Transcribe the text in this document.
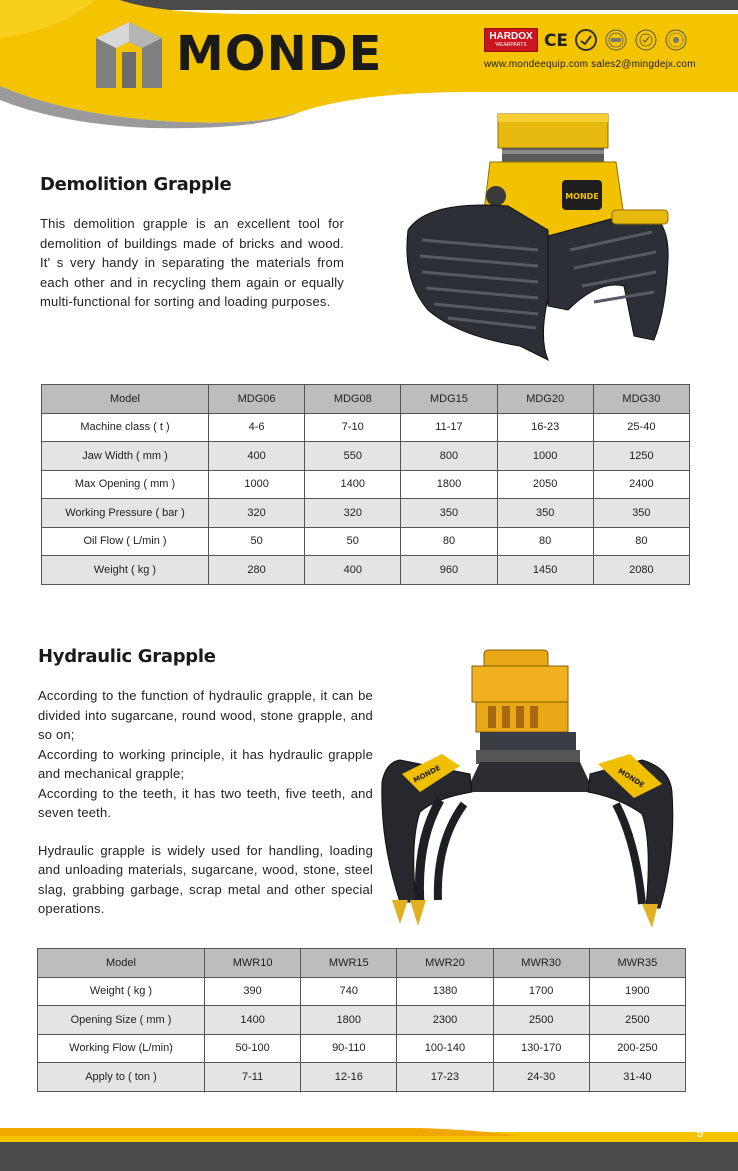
MONDE	HARDOX
WEARPARTS CE
www.mondeequip.com sales2@mingdejx.com
Demolition Grapple

This demolition grapple is an excellent tool for demolition of buildings made of bricks and wood. It' s very handy in separating the materials from each other and in recycling them again or equally multi-functional for sorting and loading purposes.

MONDE
Model	MDG06	MDG08	MDG15	MDG20	MDG30
Machine class ( t )	4-6	7-10	11-17	16-23	25-40
Jaw Width ( mm )	400	550	800	1000	1250
Max Opening ( mm )	1000	1400	1800	2050	2400
Working Pressure ( bar )	320	320	350	350	350
Oil Flow ( L/min )	50	50	80	80	80
Weight ( kg )	280	400	960	1450	2080
Hydraulic Grapple

According to the function of hydraulic grapple, it can be divided into sugarcane, round wood, stone grapple, and so on;

According to working principle, it has hydraulic grapple and mechanical grapple;

According to the teeth, it has two teeth, five teeth, and seven teeth.

Hydraulic grapple is widely used for handling, loading and unloading materials, sugarcane, wood, stone, steel slag, grabbing garbage, scrap metal and other special operations.

MONDE	MONDE
Model	MWR10	MWR15	MWR20	MWR30	MWR35
Weight ( kg )	390	740	1380	1700	1900
Opening Size ( mm )	1400	1800	2300	2500	2500
Working Flow (L/min)	50-100	90-110	100-140	130-170	200-250
Apply to ( ton )	7-11	12-16	17-23	24-30	31-40
9
